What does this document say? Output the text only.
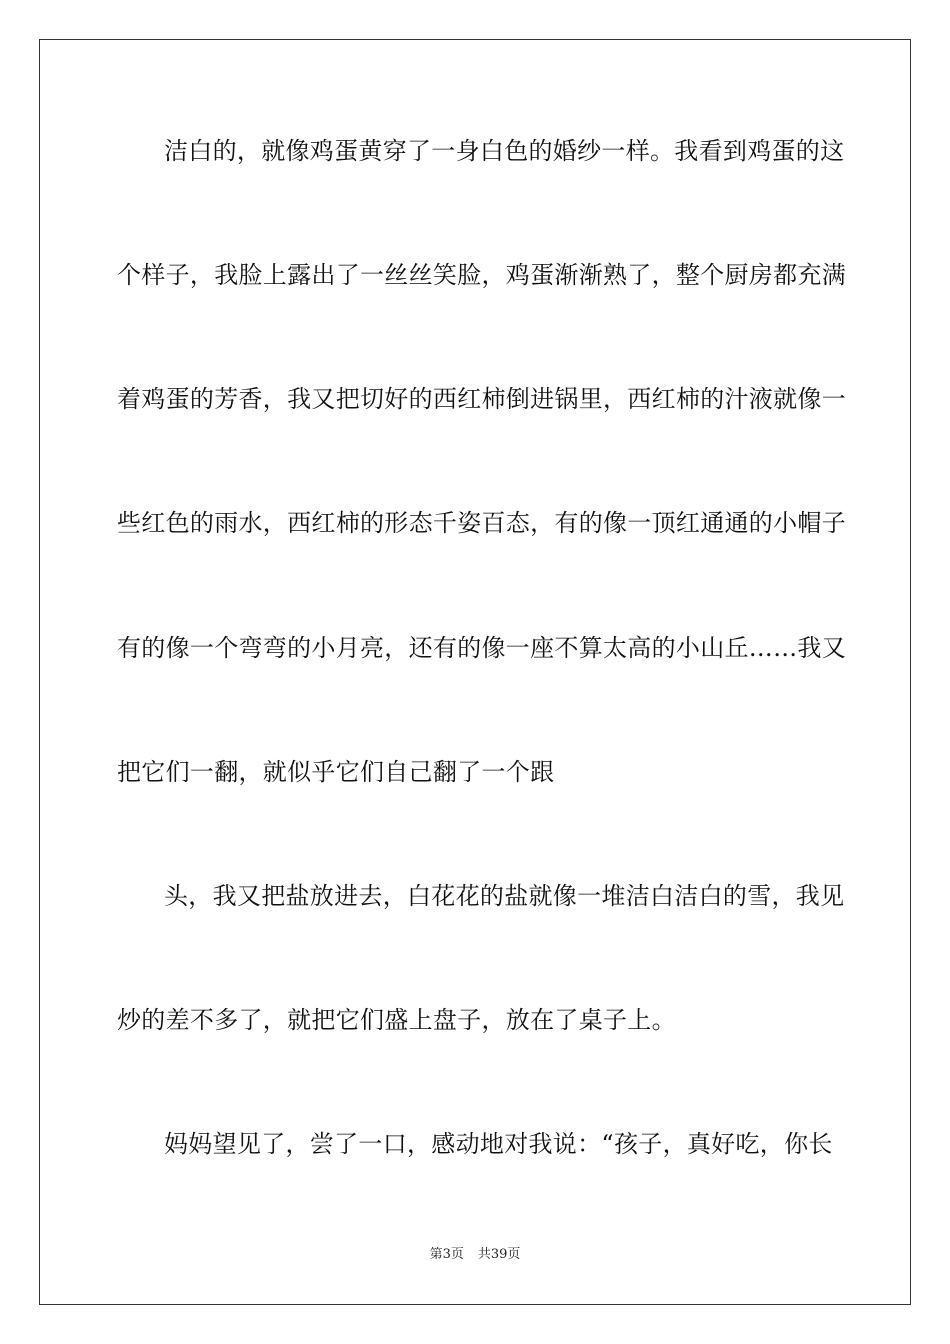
洁白的，就像鸡蛋黄穿了一身白色的婚纱一样。我看到鸡蛋的这
个样子，我脸上露出了一丝丝笑脸，鸡蛋渐渐熟了，整个厨房都充满
着鸡蛋的芳香，我又把切好的西红柿倒进锅里，西红柿的汁液就像一
些红色的雨水，西红柿的形态千姿百态，有的像一顶红通通的小帽子
有的像一个弯弯的小月亮，还有的像一座不算太高的小山丘……我又
把它们一翻，就似乎它们自己翻了一个跟
头，我又把盐放进去，白花花的盐就像一堆洁白洁白的雪，我见
炒的差不多了，就把它们盛上盘子，放在了桌子上。
妈妈望见了，尝了一口，感动地对我说：“孩子，真好吃，你长
第3页 共39页
